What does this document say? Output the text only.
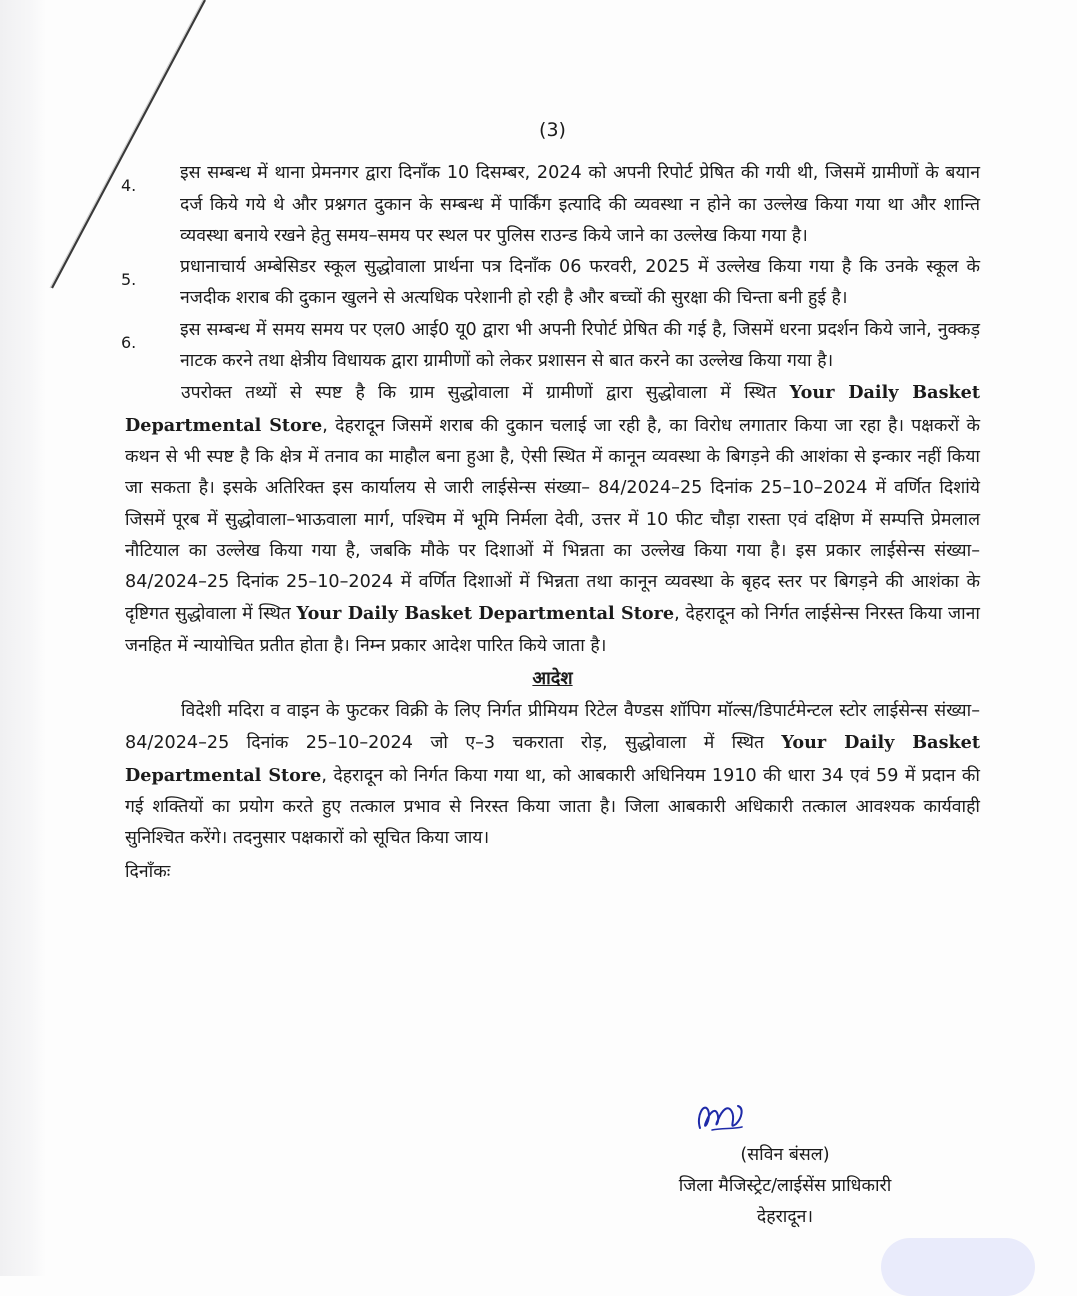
(3)
4.
इस सम्बन्ध में थाना प्रेमनगर द्वारा दिनाँक 10 दिसम्बर, 2024 को अपनी रिपोर्ट प्रेषित की गयी थी, जिसमें ग्रामीणों के बयान दर्ज किये गये थे और प्रश्नगत दुकान के सम्बन्ध में पार्किंग इत्यादि की व्यवस्था न होने का उल्लेख किया गया था और शान्ति व्यवस्था बनाये रखने हेतु समय–समय पर स्थल पर पुलिस राउन्ड किये जाने का उल्लेख किया गया है।
5.
प्रधानाचार्य अम्बेसिडर स्कूल सुद्धोवाला प्रार्थना पत्र दिनाँक 06 फरवरी, 2025 में उल्लेख किया गया है कि उनके स्कूल के नजदीक शराब की दुकान खुलने से अत्यधिक परेशानी हो रही है और बच्चों की सुरक्षा की चिन्ता बनी हुई है।
6.
इस सम्बन्ध में समय समय पर एल0 आई0 यू0 द्वारा भी अपनी रिपोर्ट प्रेषित की गई है, जिसमें धरना प्रदर्शन किये जाने, नुक्कड़ नाटक करने तथा क्षेत्रीय विधायक द्वारा ग्रामीणों को लेकर प्रशासन से बात करने का उल्लेख किया गया है।
उपरोक्त तथ्यों से स्पष्ट है कि ग्राम सुद्धोवाला में ग्रामीणों द्वारा सुद्धोवाला में स्थित Your Daily Basket Departmental Store, देहरादून जिसमें शराब की दुकान चलाई जा रही है, का विरोध लगातार किया जा रहा है। पक्षकरों के कथन से भी स्पष्ट है कि क्षेत्र में तनाव का माहौल बना हुआ है, ऐसी स्थित में कानून व्यवस्था के बिगड़ने की आशंका से इन्कार नहीं किया जा सकता है। इसके अतिरिक्त इस कार्यालय से जारी लाईसेन्स संख्या– 84/2024–25 दिनांक 25–10–2024 में वर्णित दिशांये जिसमें पूरब में सुद्धोवाला–भाऊवाला मार्ग, पश्चिम में भूमि निर्मला देवी, उत्तर में 10 फीट चौड़ा रास्ता एवं दक्षिण में सम्पत्ति प्रेमलाल नौटियाल का उल्लेख किया गया है, जबकि मौके पर दिशाओं में भिन्नता का उल्लेख किया गया है। इस प्रकार लाईसेन्स संख्या– 84/2024–25 दिनांक 25–10–2024 में वर्णित दिशाओं में भिन्नता तथा कानून व्यवस्था के बृहद स्तर पर बिगड़ने की आशंका के दृष्टिगत सुद्धोवाला में स्थित Your Daily Basket Departmental Store, देहरादून को निर्गत लाईसेन्स निरस्त किया जाना जनहित में न्यायोचित प्रतीत होता है। निम्न प्रकार आदेश पारित किये जाता है।
आदेश
विदेशी मदिरा व वाइन के फुटकर विक्री के लिए निर्गत प्रीमियम रिटेल वैण्डस शॉपिग मॉल्स/डिपार्टमेन्टल स्टोर लाईसेन्स संख्या– 84/2024–25 दिनांक 25–10–2024 जो ए–3 चकराता रोड़, सुद्धोवाला में स्थित Your Daily Basket Departmental Store, देहरादून को निर्गत किया गया था, को आबकारी अधिनियम 1910 की धारा 34 एवं 59 में प्रदान की गई शक्तियों का प्रयोग करते हुए तत्काल प्रभाव से निरस्त किया जाता है। जिला आबकारी अधिकारी तत्काल आवश्यक कार्यवाही सुनिश्चित करेंगे। तदनुसार पक्षकारों को सूचित किया जाय।
दिनाँकः
(सविन बंसल)
जिला मैजिस्ट्रेट/लाईसेंस प्राधिकारी
देहरादून।
